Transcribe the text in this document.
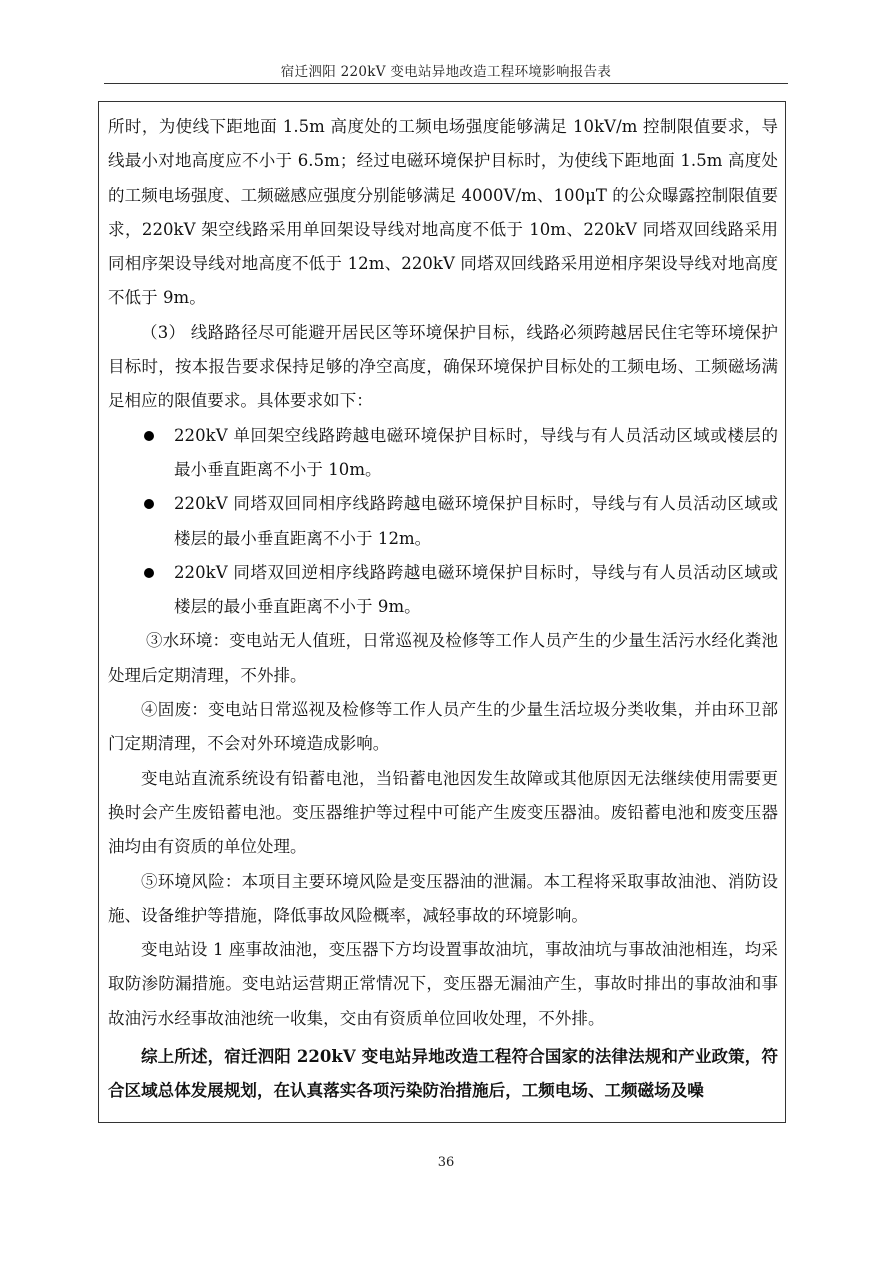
宿迁泗阳 220kV 变电站异地改造工程环境影响报告表

所时，为使线下距地面 1.5m 高度处的工频电场强度能够满足 10kV/m 控制限值要求，导线最小对地高度应不小于 6.5m；经过电磁环境保护目标时，为使线下距地面 1.5m 高度处的工频电场强度、工频磁感应强度分别能够满足 4000V/m、100μT 的公众曝露控制限值要求，220kV 架空线路采用单回架设导线对地高度不低于 10m、220kV 同塔双回线路采用同相序架设导线对地高度不低于 12m、220kV 同塔双回线路采用逆相序架设导线对地高度不低于 9m。

（3） 线路路径尽可能避开居民区等环境保护目标，线路必须跨越居民住宅等环境保护目标时，按本报告要求保持足够的净空高度，确保环境保护目标处的工频电场、工频磁场满足相应的限值要求。具体要求如下：

220kV 单回架空线路跨越电磁环境保护目标时，导线与有人员活动区域或楼层的最小垂直距离不小于 10m。

220kV 同塔双回同相序线路跨越电磁环境保护目标时，导线与有人员活动区域或楼层的最小垂直距离不小于 12m。

220kV 同塔双回逆相序线路跨越电磁环境保护目标时，导线与有人员活动区域或楼层的最小垂直距离不小于 9m。

③水环境：变电站无人值班，日常巡视及检修等工作人员产生的少量生活污水经化粪池处理后定期清理，不外排。

④固废：变电站日常巡视及检修等工作人员产生的少量生活垃圾分类收集，并由环卫部门定期清理，不会对外环境造成影响。

变电站直流系统设有铅蓄电池，当铅蓄电池因发生故障或其他原因无法继续使用需要更换时会产生废铅蓄电池。变压器维护等过程中可能产生废变压器油。废铅蓄电池和废变压器油均由有资质的单位处理。

⑤环境风险：本项目主要环境风险是变压器油的泄漏。本工程将采取事故油池、消防设施、设备维护等措施，降低事故风险概率，减轻事故的环境影响。

变电站设 1 座事故油池，变压器下方均设置事故油坑，事故油坑与事故油池相连，均采取防渗防漏措施。变电站运营期正常情况下，变压器无漏油产生，事故时排出的事故油和事故油污水经事故油池统一收集，交由有资质单位回收处理，不外排。

综上所述，宿迁泗阳 220kV 变电站异地改造工程符合国家的法律法规和产业政策，符合区域总体发展规划，在认真落实各项污染防治措施后，工频电场、工频磁场及噪

36
